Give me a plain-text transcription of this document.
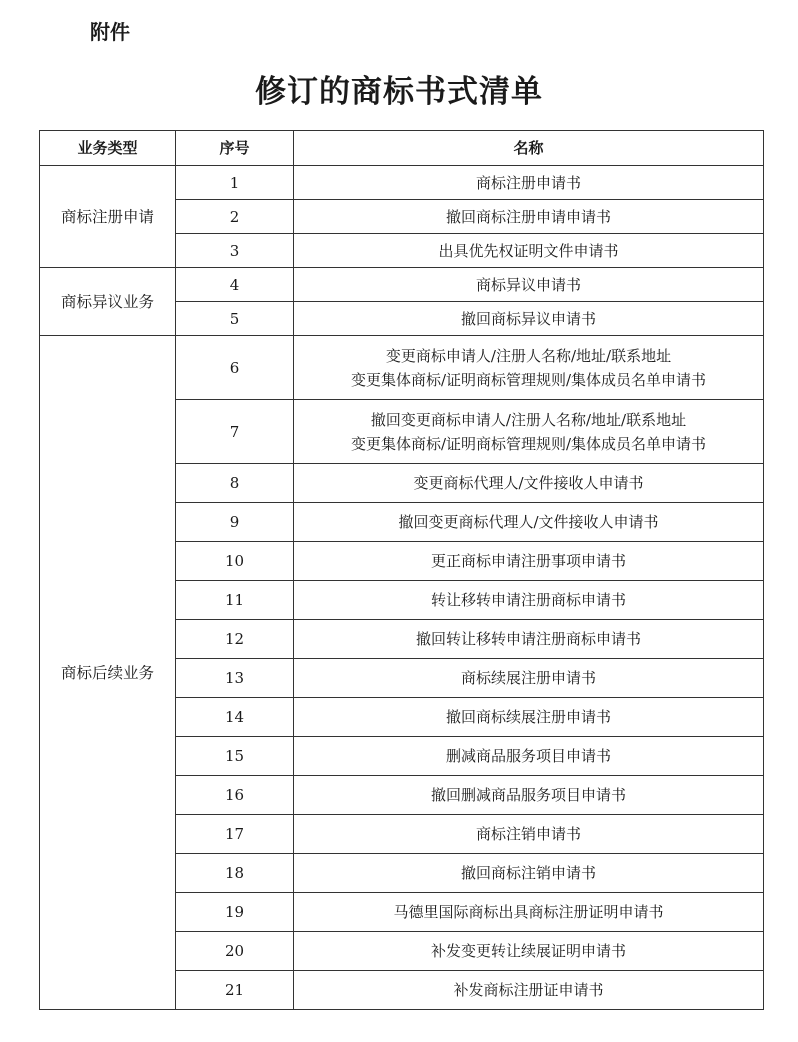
附件
修订的商标书式清单
业务类型	序号	名称
商标注册申请	1	商标注册申请书
	2	撤回商标注册申请申请书
	3	出具优先权证明文件申请书
商标异议业务	4	商标异议申请书
	5	撤回商标异议申请书
商标后续业务	6	变更商标申请人/注册人名称/地址/联系地址
变更集体商标/证明商标管理规则/集体成员名单申请书

	7	撤回变更商标申请人/注册人名称/地址/联系地址
变更集体商标/证明商标管理规则/集体成员名单申请书

	8	变更商标代理人/文件接收人申请书
	9	撤回变更商标代理人/文件接收人申请书
	10	更正商标申请注册事项申请书
	11	转让移转申请注册商标申请书
	12	撤回转让移转申请注册商标申请书
	13	商标续展注册申请书
	14	撤回商标续展注册申请书
	15	删减商品服务项目申请书
	16	撤回删减商品服务项目申请书
	17	商标注销申请书
	18	撤回商标注销申请书
	19	马德里国际商标出具商标注册证明申请书
	20	补发变更转让续展证明申请书
	21	补发商标注册证申请书
